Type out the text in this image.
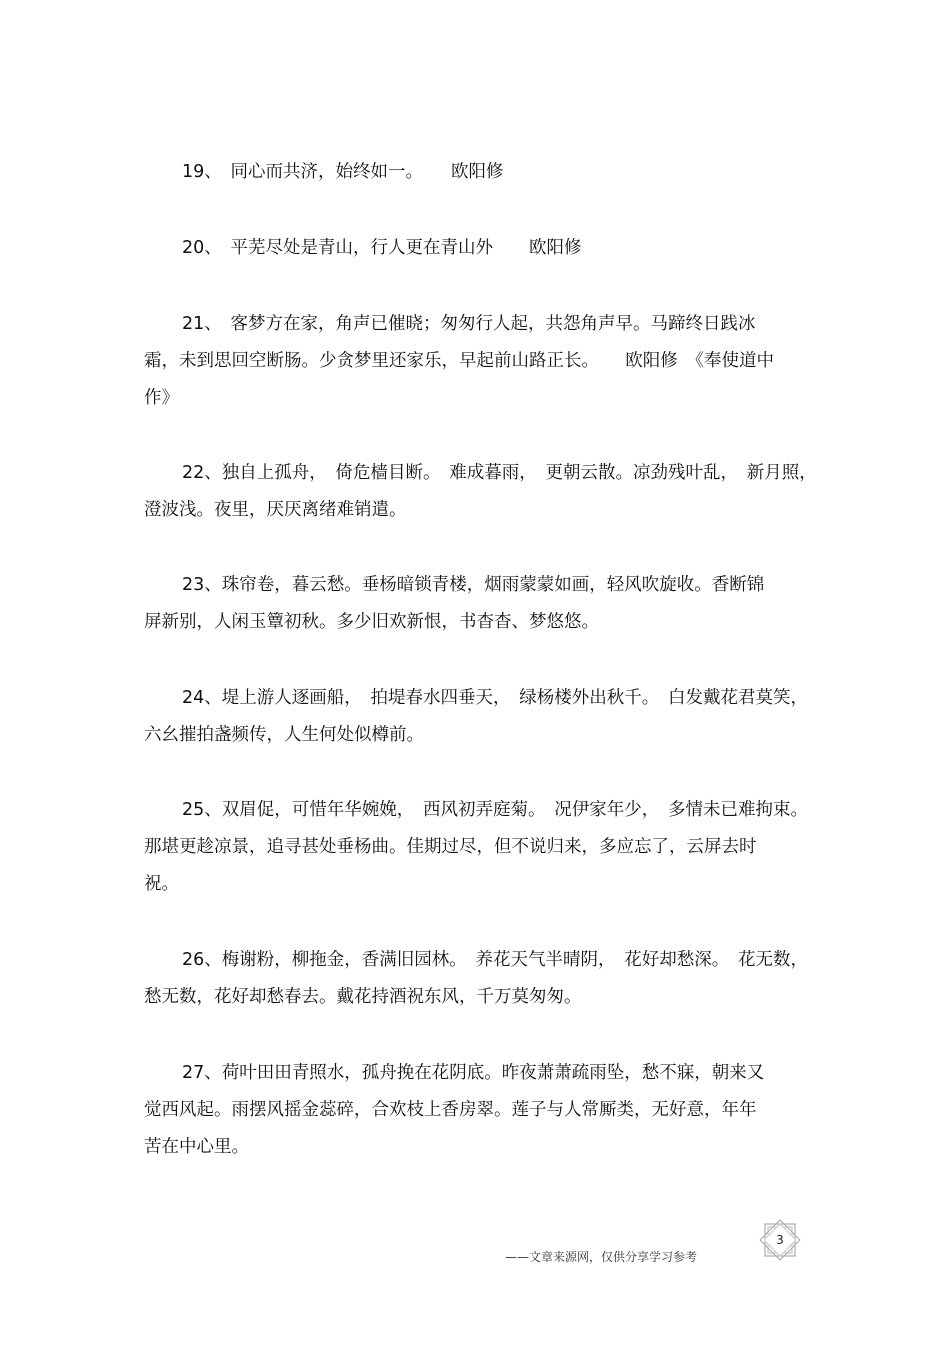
19、　同心而共济，始终如一。 欧阳修
20、　平芜尽处是青山，行人更在青山外 欧阳修
21、　客梦方在家，角声已催晓；匆匆行人起，共怨角声早。马蹄终日践冰
霜，未到思回空断肠。少贪梦里还家乐，早起前山路正长。　　欧阳修　《奉使道中
作》
22、独自上孤舟，　倚危樯目断。　难成暮雨，　更朝云散。凉劲残叶乱，　新月照，
澄波浅。夜里，厌厌离绪难销遣。
23、珠帘卷，暮云愁。垂杨暗锁青楼，烟雨蒙蒙如画，轻风吹旋收。香断锦
屏新别，人闲玉簟初秋。多少旧欢新恨，书杳杳、梦悠悠。
24、堤上游人逐画船，　拍堤春水四垂天，　绿杨楼外出秋千。　白发戴花君莫笑，
六幺摧拍盏频传，人生何处似樽前。
25、双眉促，可惜年华婉娩，　西风初弄庭菊。　况伊家年少，　多情未已难拘束。
那堪更趁凉景，追寻甚处垂杨曲。佳期过尽，但不说归来，多应忘了，云屏去时
祝。
26、梅谢粉，柳拖金，香满旧园林。　养花天气半晴阴，　花好却愁深。　花无数，
愁无数，花好却愁春去。戴花持酒祝东风，千万莫匆匆。
27、荷叶田田青照水，孤舟挽在花阴底。昨夜萧萧疏雨坠，愁不寐，朝来又
觉西风起。雨摆风摇金蕊碎，合欢枝上香房翠。莲子与人常厮类，无好意，年年
苦在中心里。
——文章来源网，仅供分享学习参考
3
